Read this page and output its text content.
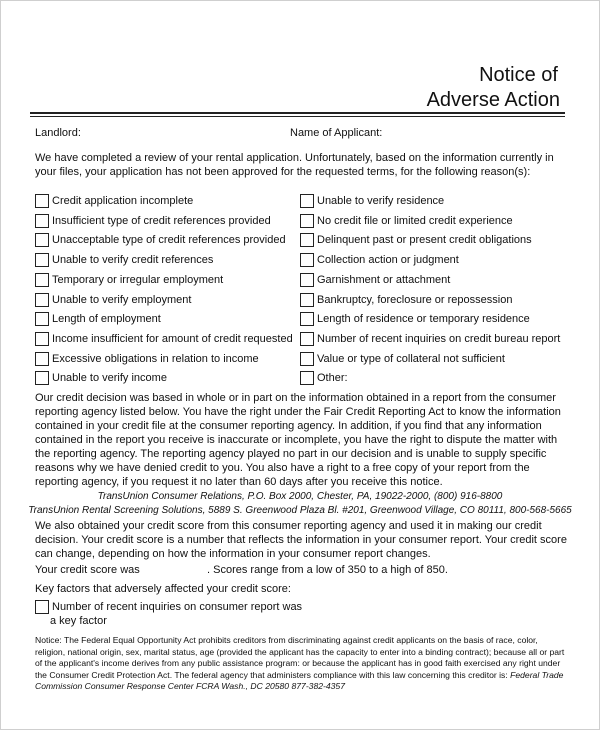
Notice of
Adverse Action
Landlord:	Name of Applicant:
We have completed a review of your rental application. Unfortunately, based on the information currently in your files, your application has not been approved for the requested terms, for the following reason(s):
Credit application incomplete
Insufficient type of credit references provided
Unacceptable type of credit references provided
Unable to verify credit references
Temporary or irregular employment
Unable to verify employment
Length of employment
Income insufficient for amount of credit requested
Excessive obligations in relation to income
Unable to verify income
Unable to verify residence
No credit file or limited credit experience
Delinquent past or present credit obligations
Collection action or judgment
Garnishment or attachment
Bankruptcy, foreclosure or repossession
Length of residence or temporary residence
Number of recent inquiries on credit bureau report
Value or type of collateral not sufficient
Other:
Our credit decision was based in whole or in part on the information obtained in a report from the consumer reporting agency listed below. You have the right under the Fair Credit Reporting Act to know the information contained in your credit file at the consumer reporting agency. In addition, if you find that any information contained in the report you receive is inaccurate or incomplete, you have the right to dispute the matter with the reporting agency. The reporting agency played no part in our decision and is unable to supply specific reasons why we have denied credit to you. You also have a right to a free copy of your report from the reporting agency, if you request it no later than 60 days after you receive this notice.
TransUnion Consumer Relations, P.O. Box 2000, Chester, PA, 19022-2000, (800) 916-8800
TransUnion Rental Screening Solutions, 5889 S. Greenwood Plaza Bl. #201, Greenwood Village, CO 80111, 800-568-5665
We also obtained your credit score from this consumer reporting agency and used it in making our credit decision. Your credit score is a number that reflects the information in your consumer report. Your credit score can change, depending on how the information in your consumer report changes.
Your credit score was	. Scores range from a low of 350 to a high of 850.
Key factors that adversely affected your credit score:
Number of recent inquiries on consumer report was
a key factor
Notice: The Federal Equal Opportunity Act prohibits creditors from discriminating against credit applicants on the basis of race, color, religion, national origin, sex, marital status, age (provided the applicant has the capacity to enter into a binding contract); because all or part of the applicant's income derives from any public assistance program: or because the applicant has in good faith exercised any right under the Consumer Credit Protection Act. The federal agency that administers compliance with this law concerning this creditor is: Federal Trade Commission Consumer Response Center FCRA Wash., DC 20580 877-382-4357
